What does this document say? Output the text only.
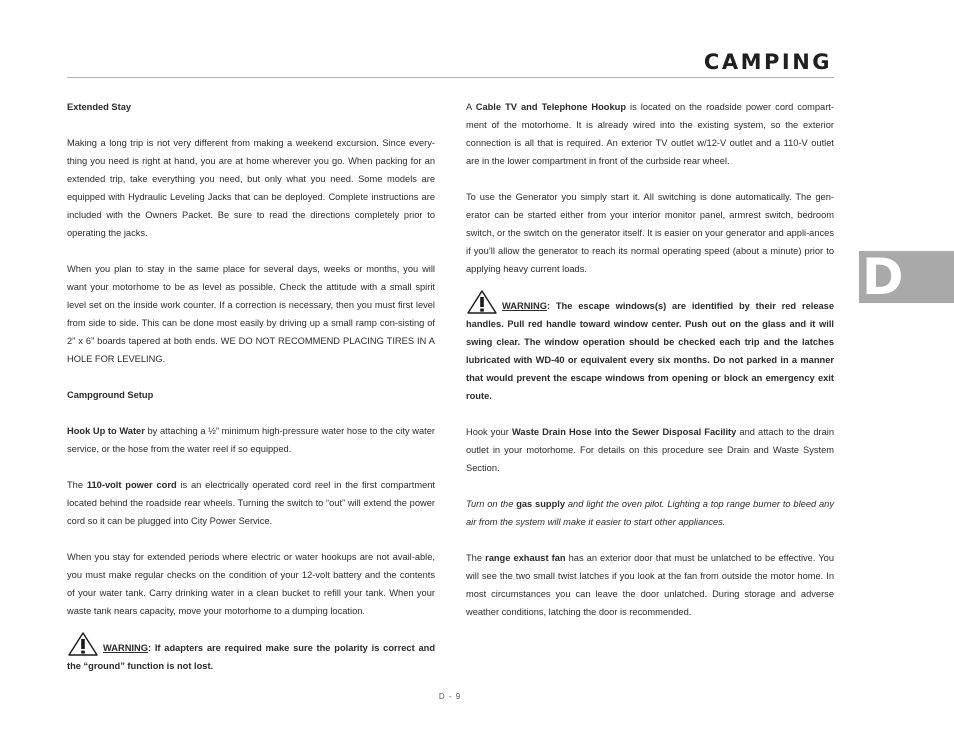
CAMPING
D

Extended Stay

Making a long trip is not very different from making a weekend excursion. Since every-thing you need is right at hand, you are at home wherever you go. When packing for an extended trip, take everything you need, but only what you need. Some models are equipped with Hydraulic Leveling Jacks that can be deployed. Complete instructions are included with the Owners Packet. Be sure to read the directions completely prior to operating the jacks.

When you plan to stay in the same place for several days, weeks or months, you will want your motorhome to be as level as possible. Check the attitude with a small spirit level set on the inside work counter. If a correction is necessary, then you must first level from side to side. This can be done most easily by driving up a small ramp con-sisting of 2” x 6” boards tapered at both ends. WE DO NOT RECOMMEND PLACING TIRES IN A HOLE FOR LEVELING.

Campground Setup

Hook Up to Water by attaching a ½” minimum high-pressure water hose to the city water service, or the hose from the water reel if so equipped.

The 110-volt power cord is an electrically operated cord reel in the first compartment located behind the roadside rear wheels. Turning the switch to “out” will extend the power cord so it can be plugged into City Power Service.

When you stay for extended periods where electric or water hookups are not avail-able, you must make regular checks on the condition of your 12-volt battery and the contents of your water tank. Carry drinking water in a clean bucket to refill your tank. When your waste tank nears capacity, move your motorhome to a dumping location.

WARNING: If adapters are required make sure the polarity is correct and the “ground” function is not lost.

A Cable TV and Telephone Hookup is located on the roadside power cord compart-ment of the motorhome. It is already wired into the existing system, so the exterior connection is all that is required. An exterior TV outlet w/12-V outlet and a 110-V outlet are in the lower compartment in front of the curbside rear wheel.

To use the Generator you simply start it. All switching is done automatically. The gen-erator can be started either from your interior monitor panel, armrest switch, bedroom switch, or the switch on the generator itself. It is easier on your generator and appli-ances if you’ll allow the generator to reach its normal operating speed (about a minute) prior to applying heavy current loads.

WARNING: The escape windows(s) are identified by their red release handles. Pull red handle toward window center. Push out on the glass and it will swing clear. The window operation should be checked each trip and the latches lubricated with WD-40 or equivalent every six months. Do not parked in a manner that would prevent the escape windows from opening or block an emergency exit route.

Hook your Waste Drain Hose into the Sewer Disposal Facility and attach to the drain outlet in your motorhome. For details on this procedure see Drain and Waste System Section.

Turn on the gas supply and light the oven pilot. Lighting a top range burner to bleed any air from the system will make it easier to start other appliances.

The range exhaust fan has an exterior door that must be unlatched to be effective. You will see the two small twist latches if you look at the fan from outside the motor home. In most circumstances you can leave the door unlatched. During storage and adverse weather conditions, latching the door is recommended.

D - 9
